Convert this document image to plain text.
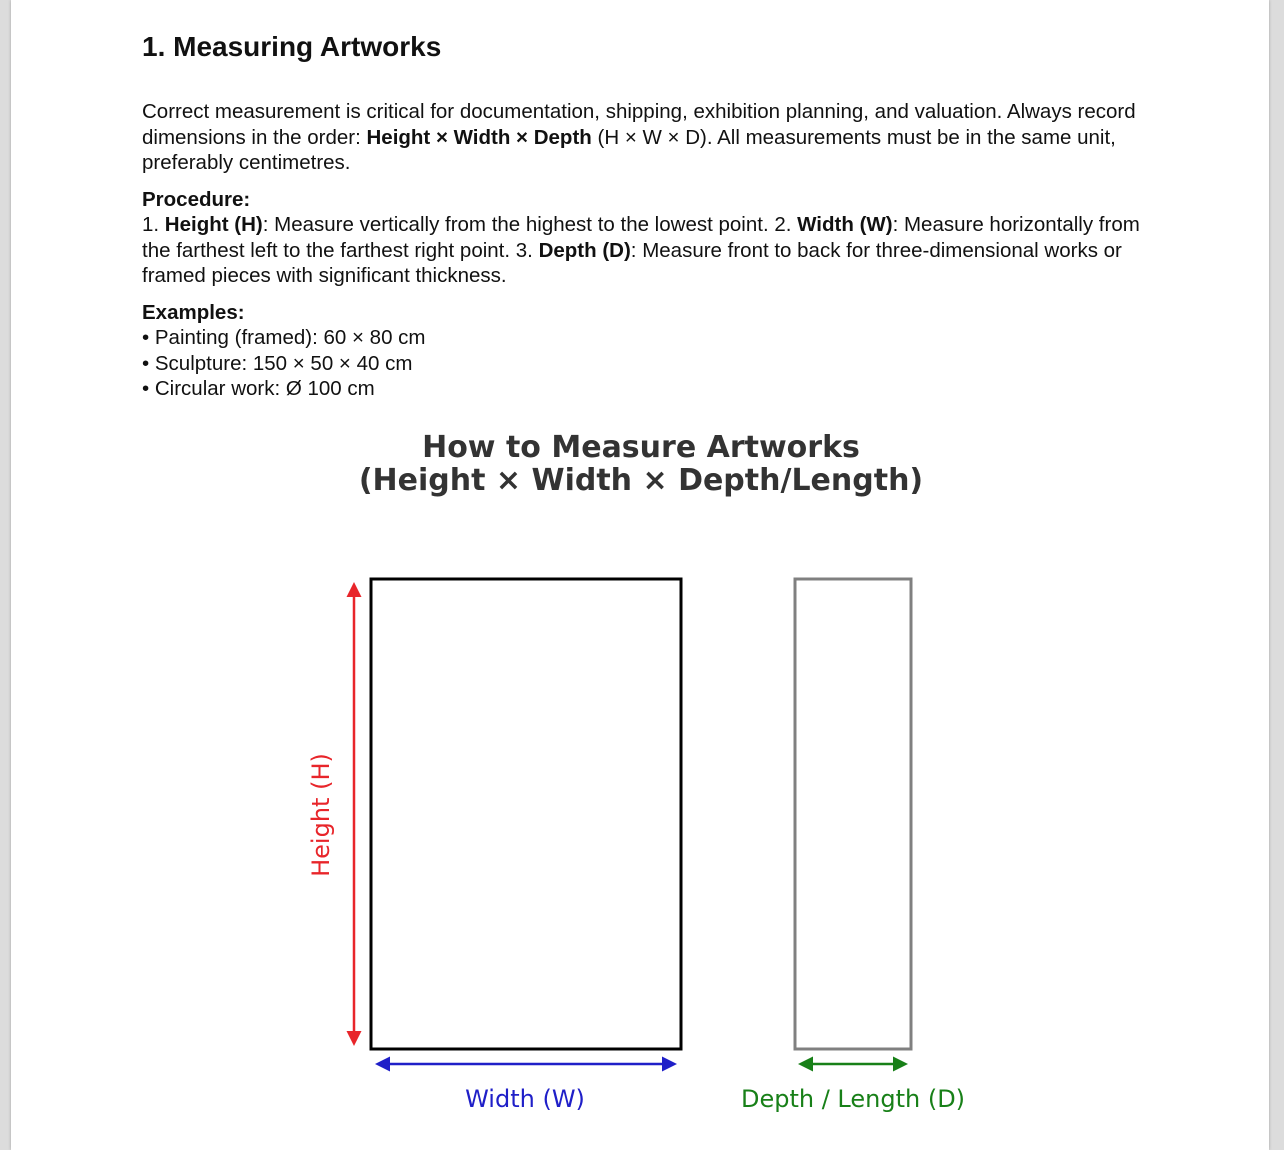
1. Measuring Artworks

Correct measurement is critical for documentation, shipping, exhibition planning, and valuation. Always record dimensions in the order: Height × Width × Depth (H × W × D). All measurements must be in the same unit, preferably centimetres.

Procedure:
1. Height (H): Measure vertically from the highest to the lowest point. 2. Width (W): Measure horizontally from the farthest left to the farthest right point. 3. Depth (D): Measure front to back for three-dimensional works or framed pieces with significant thickness.

Examples:
• Painting (framed): 60 × 80 cm
• Sculpture: 150 × 50 × 40 cm
• Circular work: Ø 100 cm
How to Measure Artworks
(Height × Width × Depth/Length)
Height (H)
Width (W)	Depth / Length (D)
